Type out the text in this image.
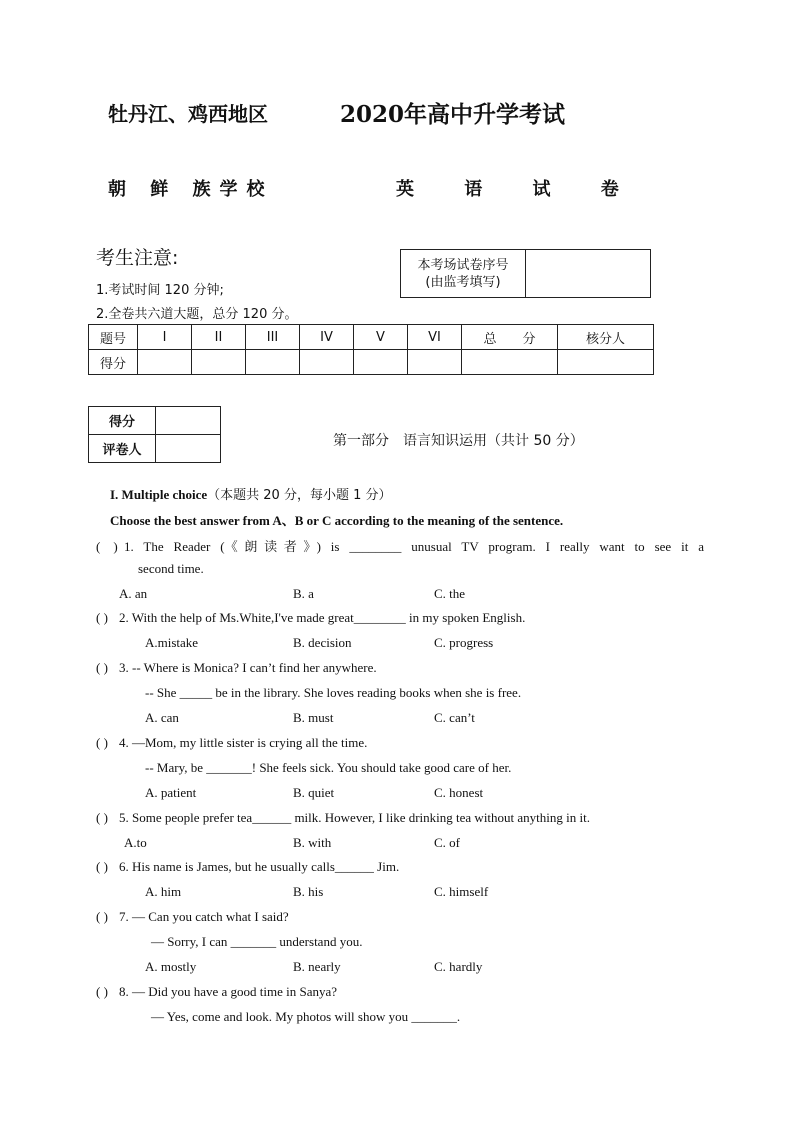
牡丹江、鸡西地区	2020年高中升学考试
朝 鲜 族学校	英 语 试 卷
考生注意:
1.考试时间 120 分钟;
2.全卷共六道大题，总分 120 分。
本考场试卷序号
(由监考填写)

题号	I	II	III	IV	V	VI	总　　分	核分人
得分								
得分	
评卷人	
第一部分　语言知识运用（共计 50 分）
I. Multiple choice（本题共 20 分，每小题 1 分）
Choose the best answer from A、B or C according to the meaning of the sentence.
(　) 1. The Reader (《朗读者》) is ________ unusual TV program. I really want to see it a
second time.
A. an	B. a	C. the
( ) 2. With the help of Ms.White,I've made great________ in my spoken English.
A.mistake	B. decision	C. progress
( ) 3. -- Where is Monica? I can’t find her anywhere.
-- She _____ be in the library. She loves reading books when she is free.
A. can	B. must	C. can’t
( ) 4. —Mom, my little sister is crying all the time.
-- Mary, be _______! She feels sick. You should take good care of her.
A. patient	B. quiet	C. honest
( ) 5. Some people prefer tea______ milk. However, I like drinking tea without anything in it.
A.to	B. with	C. of
( ) 6. His name is James, but he usually calls______ Jim.
A. him	B. his	C. himself
( ) 7. — Can you catch what I said?
— Sorry, I can _______ understand you.
A. mostly	B. nearly	C. hardly
( ) 8. — Did you have a good time in Sanya?
— Yes, come and look. My photos will show you _______.
